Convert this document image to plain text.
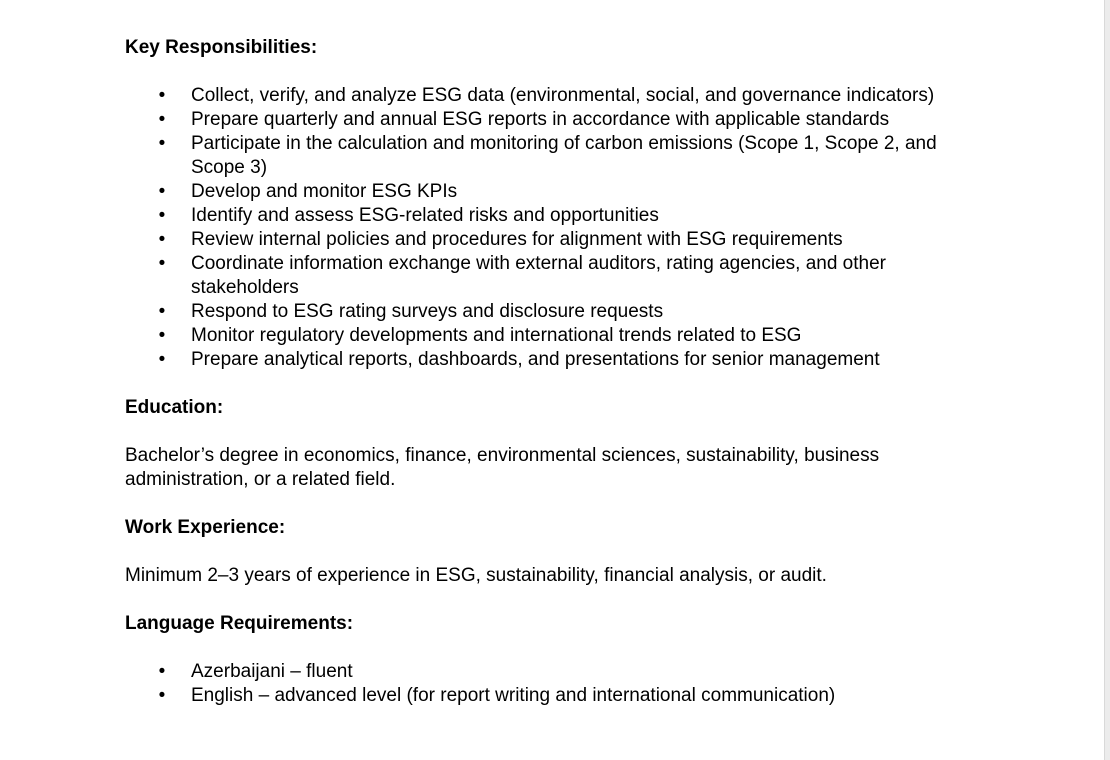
Key Responsibilities:

• Collect, verify, and analyze ESG data (environmental, social, and governance indicators)
• Prepare quarterly and annual ESG reports in accordance with applicable standards
• Participate in the calculation and monitoring of carbon emissions (Scope 1, Scope 2, and Scope 3)
• Develop and monitor ESG KPIs
• Identify and assess ESG-related risks and opportunities
• Review internal policies and procedures for alignment with ESG requirements
• Coordinate information exchange with external auditors, rating agencies, and other stakeholders
• Respond to ESG rating surveys and disclosure requests
• Monitor regulatory developments and international trends related to ESG
• Prepare analytical reports, dashboards, and presentations for senior management

Education:

Bachelor’s degree in economics, finance, environmental sciences, sustainability, business administration, or a related field.

Work Experience:

Minimum 2–3 years of experience in ESG, sustainability, financial analysis, or audit.

Language Requirements:

• Azerbaijani – fluent
• English – advanced level (for report writing and international communication)
